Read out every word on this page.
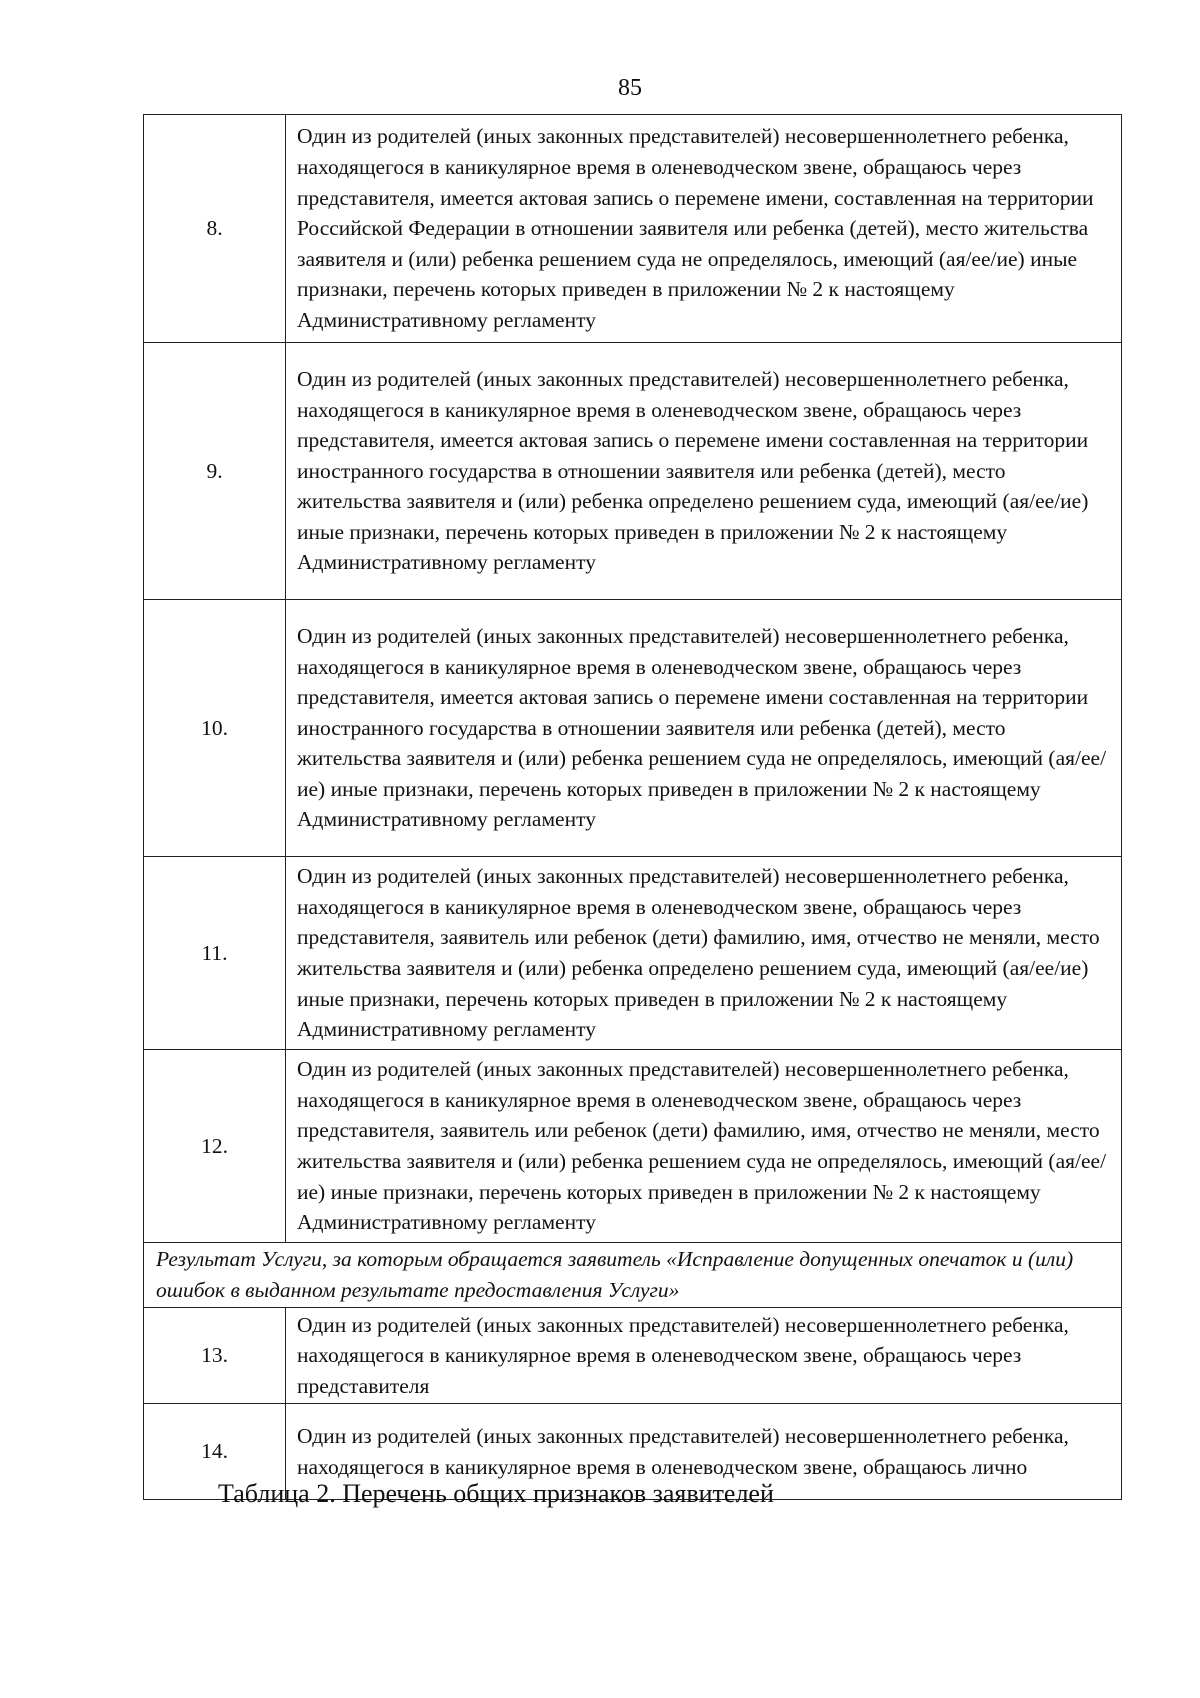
85
8.	Один из родителей (иных законных представителей) несовершеннолетнего ребенка, находящегося в каникулярное время в оленеводческом звене, обращаюсь через представителя, имеется актовая запись о перемене имени, составленная на территории Российской Федерации в отношении заявителя или ребенка (детей), место жительства заявителя и (или) ребенка решением суда не определялось, имеющий (ая/ее/ие) иные признаки, перечень которых приведен в приложении № 2 к настоящему Административному регламенту
9.	Один из родителей (иных законных представителей) несовершеннолетнего ребенка, находящегося в каникулярное время в оленеводческом звене, обращаюсь через представителя, имеется актовая запись о перемене имени составленная на территории иностранного государства в отношении заявителя или ребенка (детей), место жительства заявителя и (или) ребенка определено решением суда, имеющий (ая/ее/ие) иные признаки, перечень которых приведен в приложении № 2 к настоящему Административному регламенту
10.	Один из родителей (иных законных представителей) несовершеннолетнего ребенка, находящегося в каникулярное время в оленеводческом звене, обращаюсь через представителя, имеется актовая запись о перемене имени составленная на территории иностранного государства в отношении заявителя или ребенка (детей), место жительства заявителя и (или) ребенка решением суда не определялось, имеющий (ая/ее/ие) иные признаки, перечень которых приведен в приложении № 2 к настоящему Административному регламенту
11.	Один из родителей (иных законных представителей) несовершеннолетнего ребенка, находящегося в каникулярное время в оленеводческом звене, обращаюсь через представителя, заявитель или ребенок (дети) фамилию, имя, отчество не меняли, место жительства заявителя и (или) ребенка определено решением суда, имеющий (ая/ее/ие) иные признаки, перечень которых приведен в приложении № 2 к настоящему Административному регламенту
12.	Один из родителей (иных законных представителей) несовершеннолетнего ребенка, находящегося в каникулярное время в оленеводческом звене, обращаюсь через представителя, заявитель или ребенок (дети) фамилию, имя, отчество не меняли, место жительства заявителя и (или) ребенка решением суда не определялось, имеющий (ая/ее/ие) иные признаки, перечень которых приведен в приложении № 2 к настоящему Административному регламенту
Результат Услуги, за которым обращается заявитель «Исправление допущенных опечаток и (или) ошибок в выданном результате предоставления Услуги»	
13.	Один из родителей (иных законных представителей) несовершеннолетнего ребенка, находящегося в каникулярное время в оленеводческом звене, обращаюсь через представителя
14.	Один из родителей (иных законных представителей) несовершеннолетнего ребенка, находящегося в каникулярное время в оленеводческом звене, обращаюсь лично
Таблица 2. Перечень общих признаков заявителей
